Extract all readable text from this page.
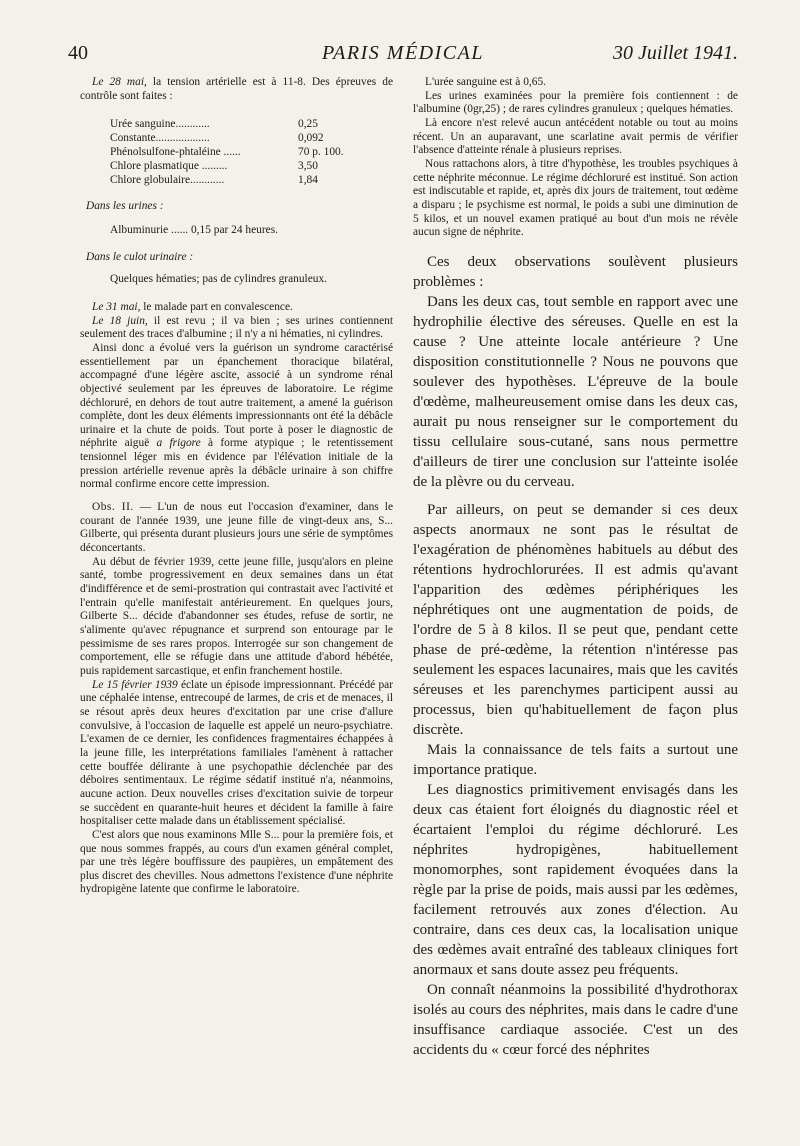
40	PARIS MÉDICAL	30 Juillet 1941.

Le 28 mai, la tension artérielle est à 11-8. Des épreuves de contrôle sont faites :

Urée sanguine............	0,25
Constante...................	0,092
Phénolsulfone-phtaléine ......	70 p. 100.
Chlore plasmatique .........	3,50
Chlore globulaire............	1,84
Dans les urines :
Albuminurie ...... 0,15 par 24 heures.
Dans le culot urinaire :
Quelques hématies; pas de cylindres granuleux.

Le 31 mai, le malade part en convalescence.

Le 18 juin, il est revu ; il va bien ; ses urines contiennent seulement des traces d'albumine ; il n'y a ni hématies, ni cylindres.

Ainsi donc a évolué vers la guérison un syndrome caractérisé essentiellement par un épanchement thoracique bilatéral, accompagné d'une légère ascite, associé à un syndrome rénal objectivé seulement par les épreuves de laboratoire. Le régime déchloruré, en dehors de tout autre traitement, a amené la guérison complète, dont les deux éléments impressionnants ont été la débâcle urinaire et la chute de poids. Tout porte à poser le diagnostic de néphrite aiguë a frigore à forme atypique ; le retentissement tensionnel léger mis en évidence par l'élévation initiale de la pression artérielle revenue après la débâcle urinaire à son chiffre normal confirme encore cette impression.

Obs. II. — L'un de nous eut l'occasion d'examiner, dans le courant de l'année 1939, une jeune fille de vingt-deux ans, S... Gilberte, qui présenta durant plusieurs jours une série de symptômes déconcertants.

Au début de février 1939, cette jeune fille, jusqu'alors en pleine santé, tombe progressivement en deux semaines dans un état d'indifférence et de semi-prostration qui contrastait avec l'activité et l'entrain qu'elle manifestait antérieurement. En quelques jours, Gilberte S... décide d'abandonner ses études, refuse de sortir, ne s'alimente qu'avec répugnance et surprend son entourage par le pessimisme de ses rares propos. Interrogée sur son changement de comportement, elle se réfugie dans une attitude d'abord hébétée, puis rapidement sarcastique, et enfin franchement hostile.

Le 15 février 1939 éclate un épisode impressionnant. Précédé par une céphalée intense, entrecoupé de larmes, de cris et de menaces, il se résout après deux heures d'excitation par une crise d'allure convulsive, à l'occasion de laquelle est appelé un neuro-psychiatre. L'examen de ce dernier, les confidences fragmentaires échappées à la jeune fille, les interprétations familiales l'amènent à rattacher cette bouffée délirante à une psychopathie déclenchée par des déboires sentimentaux. Le régime sédatif institué n'a, néanmoins, aucune action. Deux nouvelles crises d'excitation suivie de torpeur se succèdent en quarante-huit heures et décident la famille à faire hospitaliser cette malade dans un établissement spécialisé.

C'est alors que nous examinons Mlle S... pour la première fois, et que nous sommes frappés, au cours d'un examen général complet, par une très légère bouffissure des paupières, un empâtement des plus discret des chevilles. Nous admettons l'existence d'une néphrite hydropigène latente que confirme le laboratoire.

L'urée sanguine est à 0,65.

Les urines examinées pour la première fois contiennent : de l'albumine (0gr,25) ; de rares cylindres granuleux ; quelques hématies.

Là encore n'est relevé aucun antécédent notable ou tout au moins récent. Un an auparavant, une scarlatine avait permis de vérifier l'absence d'atteinte rénale à plusieurs reprises.

Nous rattachons alors, à titre d'hypothèse, les troubles psychiques à cette néphrite méconnue. Le régime déchloruré est institué. Son action est indiscutable et rapide, et, après dix jours de traitement, tout œdème a disparu ; le psychisme est normal, le poids a subi une diminution de 5 kilos, et un nouvel examen pratiqué au bout d'un mois ne révèle aucun signe de néphrite.

Ces deux observations soulèvent plusieurs problèmes :

Dans les deux cas, tout semble en rapport avec une hydrophilie élective des séreuses. Quelle en est la cause ? Une atteinte locale antérieure ? Une disposition constitutionnelle ? Nous ne pouvons que soulever des hypothèses. L'épreuve de la boule d'œdème, malheureusement omise dans les deux cas, aurait pu nous renseigner sur le comportement du tissu cellulaire sous-cutané, sans nous permettre d'ailleurs de tirer une conclusion sur l'atteinte isolée de la plèvre ou du cerveau.

Par ailleurs, on peut se demander si ces deux aspects anormaux ne sont pas le résultat de l'exagération de phénomènes habituels au début des rétentions hydrochlorurées. Il est admis qu'avant l'apparition des œdèmes périphériques les néphrétiques ont une augmentation de poids, de l'ordre de 5 à 8 kilos. Il se peut que, pendant cette phase de pré-œdème, la rétention n'intéresse pas seulement les espaces lacunaires, mais que les cavités séreuses et les parenchymes participent aussi au processus, bien qu'habituellement de façon plus discrète.

Mais la connaissance de tels faits a surtout une importance pratique.

Les diagnostics primitivement envisagés dans les deux cas étaient fort éloignés du diagnostic réel et écartaient l'emploi du régime déchloruré. Les néphrites hydropigènes, habituellement monomorphes, sont rapidement évoquées dans la règle par la prise de poids, mais aussi par les œdèmes, facilement retrouvés aux zones d'élection. Au contraire, dans ces deux cas, la localisation unique des œdèmes avait entraîné des tableaux cliniques fort anormaux et sans doute assez peu fréquents.

On connaît néanmoins la possibilité d'hydrothorax isolés au cours des néphrites, mais dans le cadre d'une insuffisance cardiaque associée. C'est un des accidents du « cœur forcé des néphrites
